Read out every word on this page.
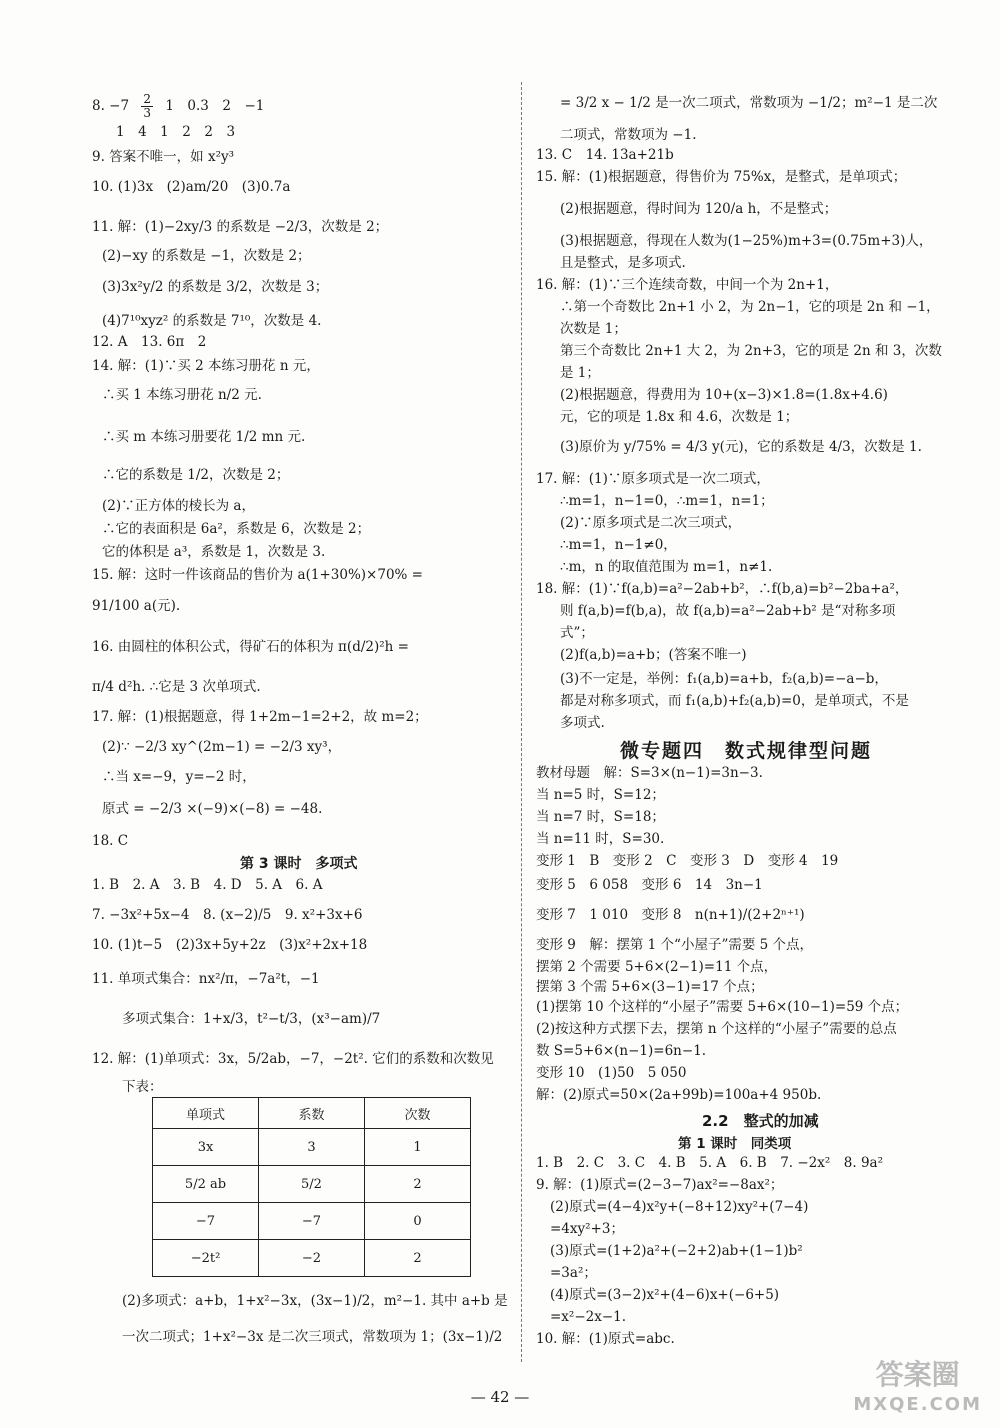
8. $-7 \frac{2}{3} 1$　0.3　2　−1
1　4　1　2　2　3
9. 答案不唯一，如 x²y³
10. (1)3x　(2)am/20　(3)0.7a
11. 解：(1)−2xy/3 的系数是 −2/3，次数是 2；
(2)−xy 的系数是 −1，次数是 2；
(3)3x²y/2 的系数是 3/2，次数是 3；
(4)7¹⁰xyz² 的系数是 7¹⁰，次数是 4.
12. A　13. 6π　2
14. 解：(1)∵买 2 本练习册花 n 元，
∴买 1 本练习册花 n/2 元.
∴买 m 本练习册要花 1/2 mn 元.
∴它的系数是 1/2，次数是 2；
(2)∵正方体的棱长为 a，
∴它的表面积是 6a²，系数是 6，次数是 2；
它的体积是 a³，系数是 1，次数是 3.
15. 解：这时一件该商品的售价为 a(1+30%)×70% =
91/100 a(元).
16. 由圆柱的体积公式，得矿石的体积为 π(d/2)²h =
π/4 d²h. ∴它是 3 次单项式.
17. 解：(1)根据题意，得 1+2m−1=2+2，故 m=2；
(2)∵ −2/3 xy^(2m−1) = −2/3 xy³，
∴当 x=−9，y=−2 时，
原式 = −2/3 ×(−9)×(−8) = −48.
18. C
第 3 课时　多项式
1. B　2. A　3. B　4. D　5. A　6. A
7. −3x²+5x−4　8. (x−2)/5　9. x²+3x+6
10. (1)t−5　(2)3x+5y+2z　(3)x²+2x+18
11. 单项式集合：nx²/π，−7a²t，−1
多项式集合：1+x/3，t²−t/3，(x³−am)/7
12. 解：(1)单项式：3x，5/2ab，−7，−2t². 它们的系数和次数见
下表：
(2)多项式：a+b，1+x²−3x，(3x−1)/2，m²−1. 其中 a+b 是
一次二项式；1+x²−3x 是二次三项式，常数项为 1；(3x−1)/2
单项式	系数	次数
3x	3	1
5/2 ab	5/2	2
−7	−7	0
−2t²	−2	2
= 3/2 x − 1/2 是一次二项式，常数项为 −1/2；m²−1 是二次
二项式，常数项为 −1.
13. C　14. 13a+21b
15. 解：(1)根据题意，得售价为 75%x，是整式，是单项式；
(2)根据题意，得时间为 120/a h，不是整式；
(3)根据题意，得现在人数为(1−25%)m+3=(0.75m+3)人，
且是整式，是多项式.
16. 解：(1)∵三个连续奇数，中间一个为 2n+1，
∴第一个奇数比 2n+1 小 2，为 2n−1，它的项是 2n 和 −1，
次数是 1；
第三个奇数比 2n+1 大 2，为 2n+3，它的项是 2n 和 3，次数
是 1；
(2)根据题意，得费用为 10+(x−3)×1.8=(1.8x+4.6)
元，它的项是 1.8x 和 4.6，次数是 1；
(3)原价为 y/75% = 4/3 y(元)，它的系数是 4/3，次数是 1.
17. 解：(1)∵原多项式是一次二项式，
∴m=1，n−1=0，∴m=1，n=1；
(2)∵原多项式是二次三项式，
∴m=1，n−1≠0，
∴m，n 的取值范围为 m=1，n≠1.
18. 解：(1)∵f(a,b)=a²−2ab+b²，∴f(b,a)=b²−2ba+a²，
则 f(a,b)=f(b,a)，故 f(a,b)=a²−2ab+b² 是“对称多项
式”；
(2)f(a,b)=a+b；(答案不唯一)
(3)不一定是，举例：f₁(a,b)=a+b，f₂(a,b)=−a−b，
都是对称多项式，而 f₁(a,b)+f₂(a,b)=0，是单项式，不是
多项式.
微专题四　数式规律型问题
教材母题　解：S=3×(n−1)=3n−3.
当 n=5 时，S=12；
当 n=7 时，S=18；
当 n=11 时，S=30.
变形 1　B　变形 2　C　变形 3　D　变形 4　19
变形 5　6 058　变形 6　14　3n−1
变形 7　1 010　变形 8　n(n+1)/(2+2ⁿ⁺¹)
变形 9　解：摆第 1 个“小屋子”需要 5 个点，
摆第 2 个需要 5+6×(2−1)=11 个点，
摆第 3 个需 5+6×(3−1)=17 个点；
(1)摆第 10 个这样的“小屋子”需要 5+6×(10−1)=59 个点；
(2)按这种方式摆下去，摆第 n 个这样的“小屋子”需要的总点
数 S=5+6×(n−1)=6n−1.
变形 10　(1)50　5 050
解：(2)原式=50×(2a+99b)=100a+4 950b.
2.2　整式的加减
第 1 课时　同类项
1. B　2. C　3. C　4. B　5. A　6. B　7. −2x²　8. 9a²
9. 解：(1)原式=(2−3−7)ax²=−8ax²；
(2)原式=(4−4)x²y+(−8+12)xy²+(7−4)
=4xy²+3；
(3)原式=(1+2)a²+(−2+2)ab+(1−1)b²
=3a²；
(4)原式=(3−2)x²+(4−6)x+(−6+5)
=x²−2x−1.
10. 解：(1)原式=abc.
— 42 —
答案圈
MXQE.COM
